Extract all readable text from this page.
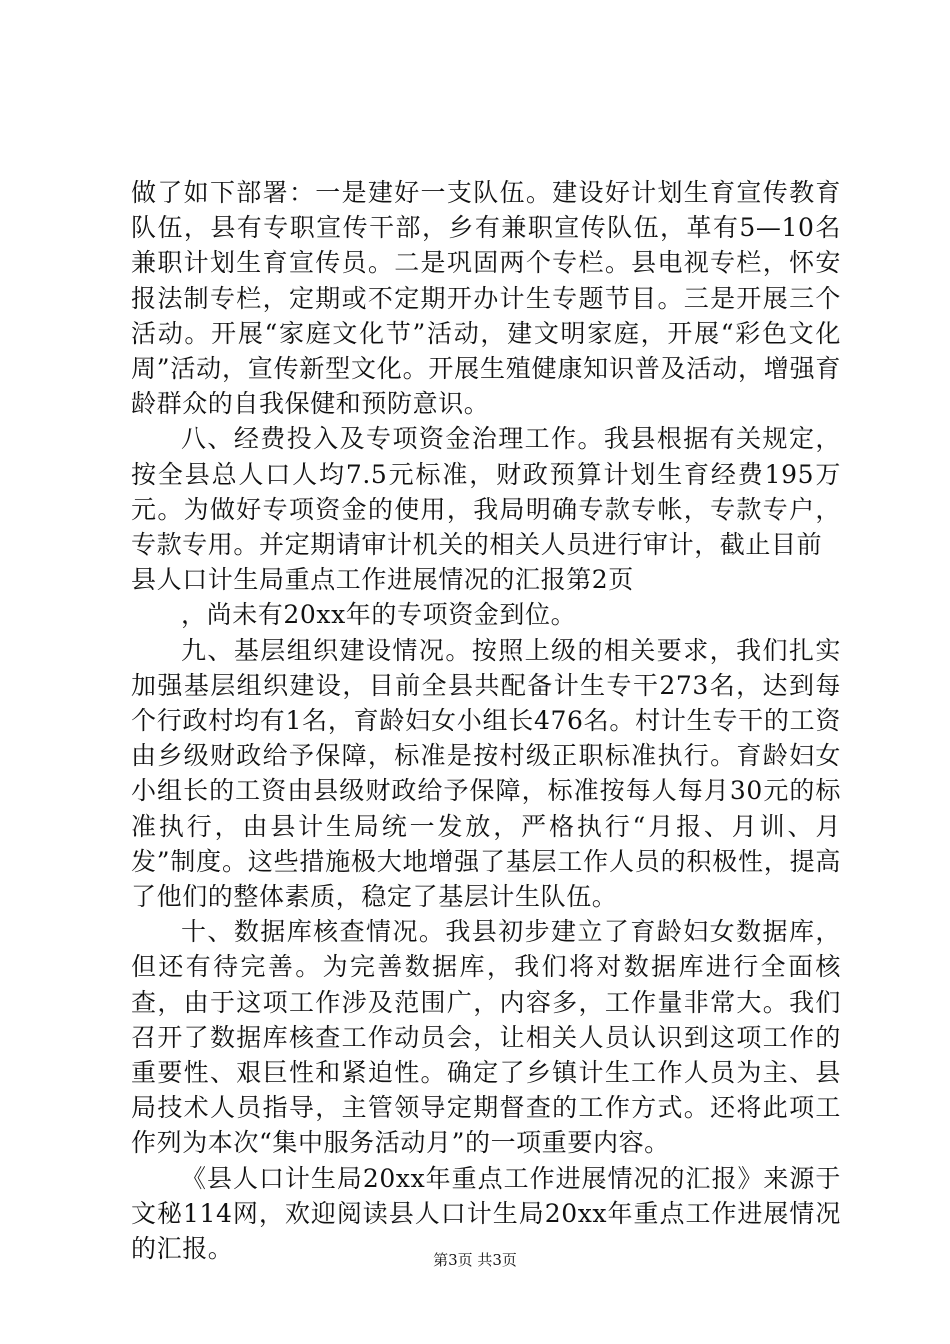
做了如下部署：一是建好一支队伍。建设好计划生育宣传教育队伍，县有专职宣传干部，乡有兼职宣传队伍，革有5—10名兼职计划生育宣传员。二是巩固两个专栏。县电视专栏，怀安报法制专栏，定期或不定期开办计生专题节目。三是开展三个活动。开展“家庭文化节”活动，建文明家庭，开展“彩色文化周”活动，宣传新型文化。开展生殖健康知识普及活动，增强育龄群众的自我保健和预防意识。

八、经费投入及专项资金治理工作。我县根据有关规定，按全县总人口人均7.5元标准，财政预算计划生育经费195万元。为做好专项资金的使用，我局明确专款专帐，专款专户，专款专用。并定期请审计机关的相关人员进行审计，截止目前

县人口计生局重点工作进展情况的汇报第2页

，尚未有20xx年的专项资金到位。

九、基层组织建设情况。按照上级的相关要求，我们扎实加强基层组织建设，目前全县共配备计生专干273名，达到每个行政村均有1名，育龄妇女小组长476名。村计生专干的工资由乡级财政给予保障，标准是按村级正职标准执行。育龄妇女小组长的工资由县级财政给予保障，标准按每人每月30元的标准执行，由县计生局统一发放，严格执行“月报、月训、月发”制度。这些措施极大地增强了基层工作人员的积极性，提高了他们的整体素质，稳定了基层计生队伍。

十、数据库核查情况。我县初步建立了育龄妇女数据库，但还有待完善。为完善数据库，我们将对数据库进行全面核查，由于这项工作涉及范围广，内容多，工作量非常大。我们召开了数据库核查工作动员会，让相关人员认识到这项工作的重要性、艰巨性和紧迫性。确定了乡镇计生工作人员为主、县局技术人员指导，主管领导定期督查的工作方式。还将此项工作列为本次“集中服务活动月”的一项重要内容。

《县人口计生局20xx年重点工作进展情况的汇报》来源于文秘114网，欢迎阅读县人口计生局20xx年重点工作进展情况的汇报。	第3页 共3页
